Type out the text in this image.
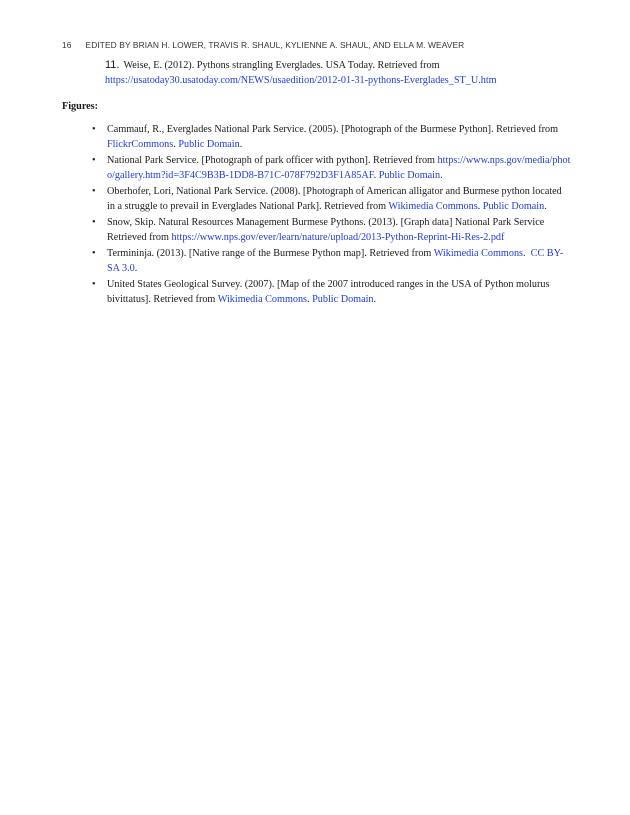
16 EDITED BY BRIAN H. LOWER, TRAVIS R. SHAUL, KYLIENNE A. SHAUL, AND ELLA M. WEAVER
11. Weise, E. (2012). Pythons strangling Everglades. USA Today. Retrieved from
https://usatoday30.usatoday.com/NEWS/usaedition/2012-01-31-pythons-Everglades_ST_U.htm
Figures:
• Cammauf, R., Everglades National Park Service. (2005). [Photograph of the Burmese Python]. Retrieved from FlickrCommons. Public Domain.
• National Park Service. [Photograph of park officer with python]. Retrieved from https://www.nps.gov/media/photo/gallery.htm?id=3F4C9B3B-1DD8-B71C-078F792D3F1A85AF. Public Domain.
• Oberhofer, Lori, National Park Service. (2008). [Photograph of American alligator and Burmese python located in a struggle to prevail in Everglades National Park]. Retrieved from Wikimedia Commons. Public Domain.
• Snow, Skip. Natural Resources Management Burmese Pythons. (2013). [Graph data] National Park Service Retrieved from https://www.nps.gov/ever/learn/nature/upload/2013-Python-Reprint-Hi-Res-2.pdf
• Termininja. (2013). [Native range of the Burmese Python map]. Retrieved from Wikimedia Commons.  CC BY-SA 3.0.
• United States Geological Survey. (2007). [Map of the 2007 introduced ranges in the USA of Python molurus bivittatus]. Retrieved from Wikimedia Commons. Public Domain.
